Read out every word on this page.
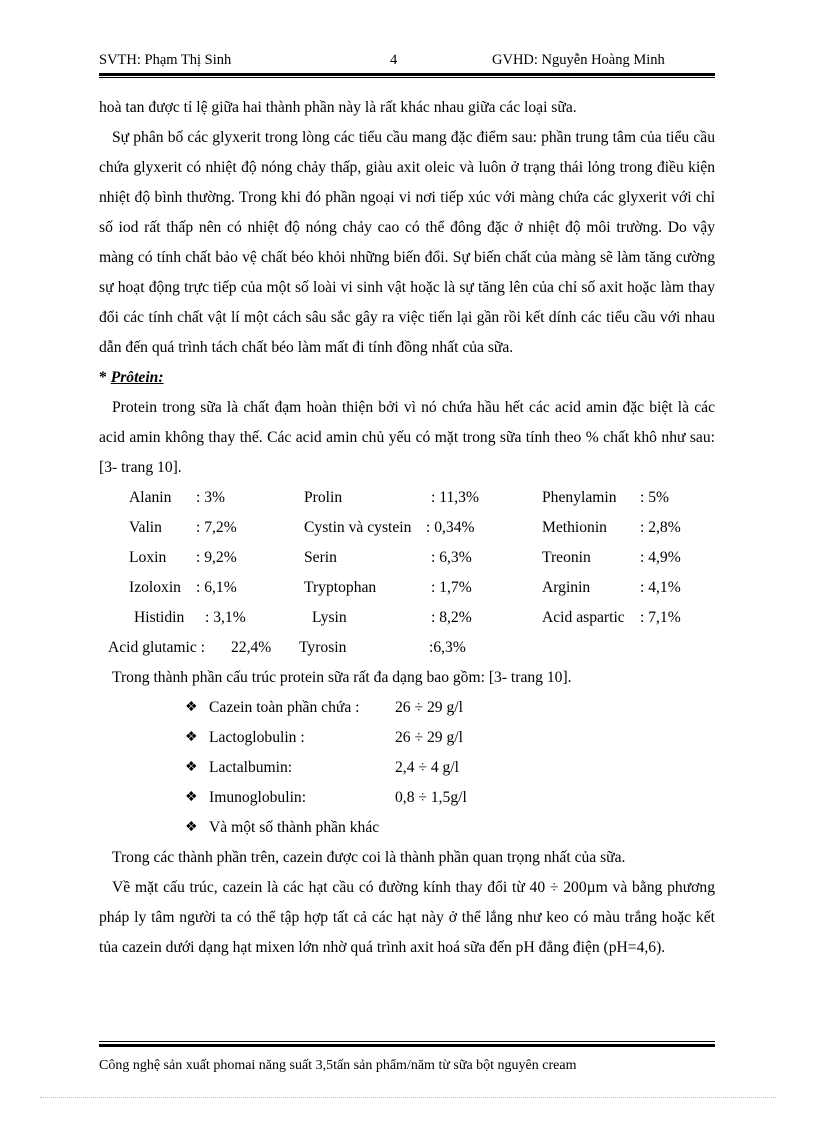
SVTH: Phạm Thị Sinh	4	GVHD: Nguyễn Hoàng Minh

hoà tan được tỉ lệ giữa hai thành phần này là rất khác nhau giữa các loại sữa.

Sự phân bố các glyxerit trong lòng các tiểu cầu mang đặc điểm sau: phần trung tâm của tiểu cầu chứa glyxerit có nhiệt độ nóng chảy thấp, giàu axit oleic và luôn ở trạng thái lỏng trong điều kiện nhiệt độ bình thường. Trong khi đó phần ngoại vi nơi tiếp xúc với màng chứa các glyxerit với chỉ số iod rất thấp nên có nhiệt độ nóng chảy cao có thể đông đặc ở nhiệt độ môi trường. Do vậy màng có tính chất bảo vệ chất béo khỏi những biến đổi. Sự biến chất của màng sẽ làm tăng cường sự hoạt động trực tiếp của một số loài vi sinh vật hoặc là sự tăng lên của chỉ số axit hoặc làm thay đổi các tính chất vật lí một cách sâu sắc gây ra việc tiến lại gần rồi kết dính các tiểu cầu với nhau dẫn đến quá trình tách chất béo làm mất đi tính đồng nhất của sữa.

* Prôtein:

Protein trong sữa là chất đạm hoàn thiện bởi vì nó chứa hầu hết các acid amin đặc biệt là các acid amin không thay thế. Các acid amin chủ yếu có mặt trong sữa tính theo % chất khô như sau: [3- trang 10].

Alanin : 3%	Prolin	: 11,3%	Phenylamin : 5%
Valin : 7,2%	Cystin và cystein : 0,34%	Methionin : 2,8%
Loxin : 9,2%	Serin	: 6,3%	Treonin	: 4,9%
Izoloxin : 6,1%	Tryptophan	: 1,7%	Arginin	: 4,1%
Histidin : 3,1%	Lysin	: 8,2%	Acid aspartic : 7,1%
Acid glutamic : 22,4% Tyrosin	:6,3%

Trong thành phần cấu trúc protein sữa rất đa dạng bao gồm: [3- trang 10].

❖ Cazein toàn phần chứa : 26 ÷ 29 g/l
❖ Lactoglobulin :	26 ÷ 29 g/l
❖ Lactalbumin:	2,4 ÷ 4 g/l
❖ Imunoglobulin:	0,8 ÷ 1,5g/l
❖ Và một số thành phần khác

Trong các thành phần trên, cazein được coi là thành phần quan trọng nhất của sữa.

Về mặt cấu trúc, cazein là các hạt cầu có đường kính thay đổi từ 40 ÷ 200µm và bằng phương pháp ly tâm người ta có thể tập hợp tất cả các hạt này ở thể lắng như keo có màu trắng hoặc kết tủa cazein dưới dạng hạt mixen lớn nhờ quá trình axit hoá sữa đến pH đẳng điện (pH=4,6).

Công nghệ sản xuất phomai năng suất 3,5tấn sản phẩm/năm từ sữa bột nguyên cream
